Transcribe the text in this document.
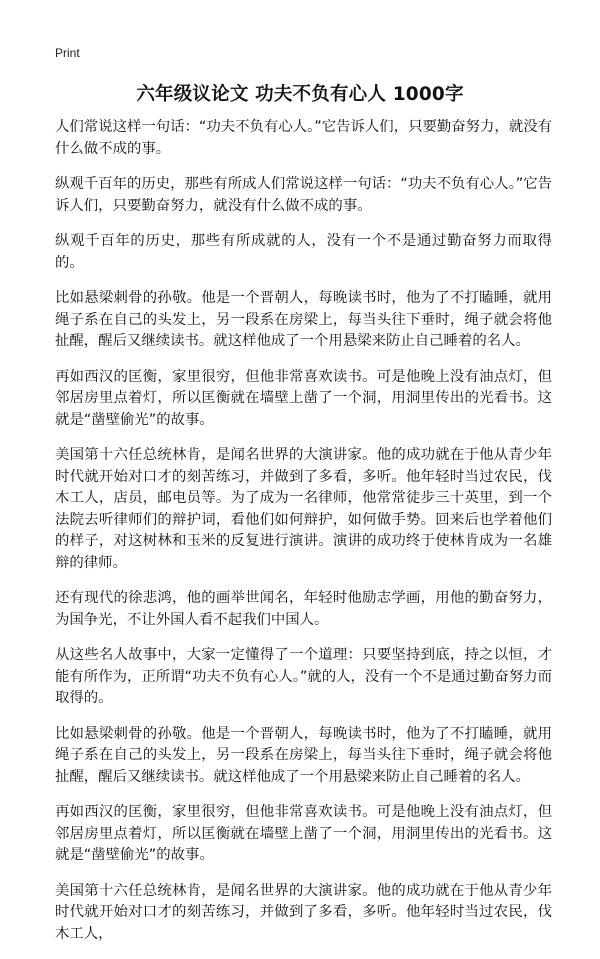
Print
六年级议论文 功夫不负有心人 1000字

人们常说这样一句话：“功夫不负有心人。”它告诉人们，只要勤奋努力，就没有什么做不成的事。

纵观千百年的历史，那些有所成人们常说这样一句话：“功夫不负有心人。”它告诉人们，只要勤奋努力，就没有什么做不成的事。

纵观千百年的历史，那些有所成就的人，没有一个不是通过勤奋努力而取得的。

比如悬梁刺骨的孙敬。他是一个晋朝人，每晚读书时，他为了不打瞌睡，就用绳子系在自己的头发上，另一段系在房梁上，每当头往下垂时，绳子就会将他扯醒，醒后又继续读书。就这样他成了一个用悬梁来防止自己睡着的名人。

再如西汉的匡衡，家里很穷，但他非常喜欢读书。可是他晚上没有油点灯，但邻居房里点着灯，所以匡衡就在墙壁上凿了一个洞，用洞里传出的光看书。这就是“凿壁偷光”的故事。

美国第十六任总统林肯，是闻名世界的大演讲家。他的成功就在于他从青少年时代就开始对口才的刻苦练习，并做到了多看，多听。他年轻时当过农民，伐木工人，店员，邮电员等。为了成为一名律师，他常常徒步三十英里，到一个法院去听律师们的辩护词，看他们如何辩护，如何做手势。回来后也学着他们的样子，对这树林和玉米的反复进行演讲。演讲的成功终于使林肯成为一名雄辩的律师。

还有现代的徐悲鸿，他的画举世闻名，年轻时他励志学画，用他的勤奋努力，为国争光，不让外国人看不起我们中国人。

从这些名人故事中，大家一定懂得了一个道理：只要坚持到底，持之以恒，才能有所作为，正所谓“功夫不负有心人。”就的人，没有一个不是通过勤奋努力而取得的。

比如悬梁刺骨的孙敬。他是一个晋朝人，每晚读书时，他为了不打瞌睡，就用绳子系在自己的头发上，另一段系在房梁上，每当头往下垂时，绳子就会将他扯醒，醒后又继续读书。就这样他成了一个用悬梁来防止自己睡着的名人。

再如西汉的匡衡，家里很穷，但他非常喜欢读书。可是他晚上没有油点灯，但邻居房里点着灯，所以匡衡就在墙壁上凿了一个洞，用洞里传出的光看书。这就是“凿壁偷光”的故事。

美国第十六任总统林肯，是闻名世界的大演讲家。他的成功就在于他从青少年时代就开始对口才的刻苦练习，并做到了多看，多听。他年轻时当过农民，伐木工人，
